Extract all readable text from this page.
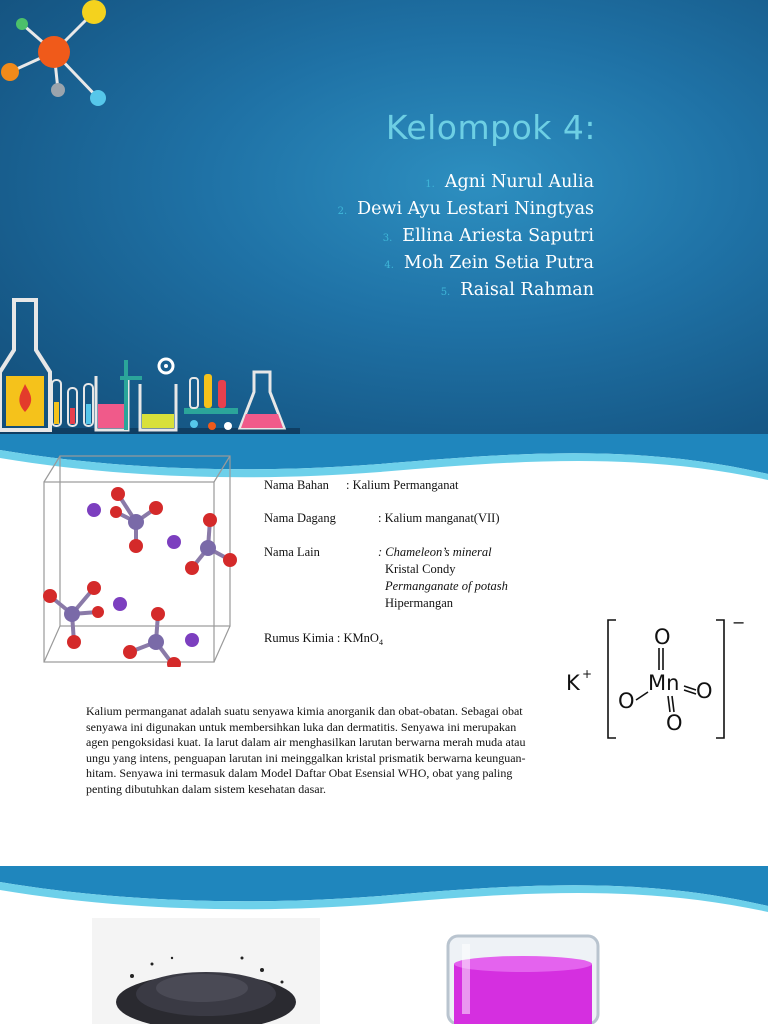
Kelompok 4:
1. Agni Nurul Aulia
2. Dewi Ayu Lestari Ningtyas
3. Ellina Ariesta Saputri
4. Moh Zein Setia Putra
5. Raisal Rahman
Nama Bahan : Kalium Permanganat
Nama Dagang	: Kalium manganat(VII)
Nama Lain	: Chameleon’s mineral
Kristal Condy
Permanganate of potash
Hipermangan
Rumus Kimia : KMnO$_4$
K +	Mn
O
O	O
O
−
Kalium permanganat adalah suatu senyawa kimia anorganik dan obat-obatan. Sebagai obat senyawa ini digunakan untuk membersihkan luka dan dermatitis. Senyawa ini merupakan agen pengoksidasi kuat. Ia larut dalam air menghasilkan larutan berwarna merah muda atau ungu yang intens, penguapan larutan ini meinggalkan kristal prismatik berwarna keunguan-hitam. Senyawa ini termasuk dalam Model Daftar Obat Esensial WHO, obat yang paling penting dibutuhkan dalam sistem kesehatan dasar.
